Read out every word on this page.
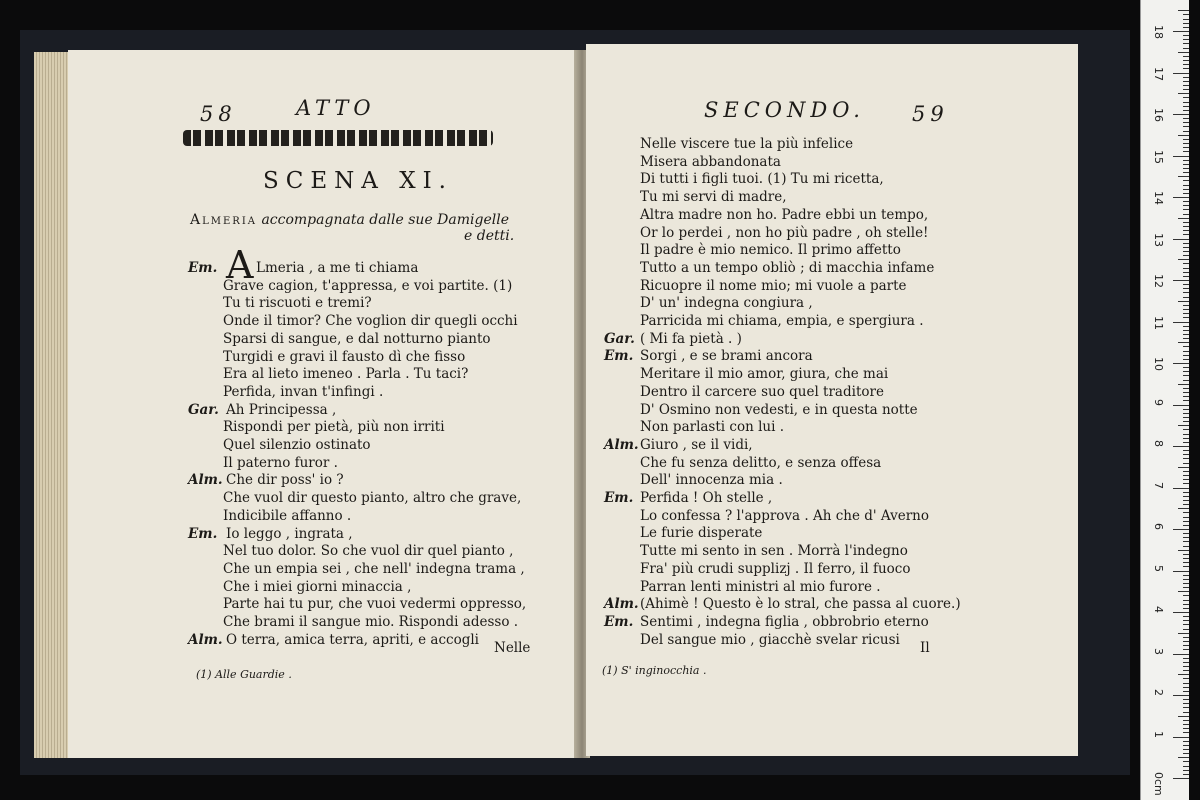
58	ATTO
SCENA XI.
Almeria accompagnata dalle sue Damigelle
e detti.
A
Em.	Lmeria , a me ti chiama
Grave cagion, t'appressa, e voi partite. (1)
Tu ti riscuoti e tremi?
Onde il timor? Che voglion dir quegli occhi
Sparsi di sangue, e dal notturno pianto
Turgidi e gravi il fausto dì che fisso
Era al lieto imeneo . Parla . Tu taci?
Perfida, invan t'infingi .
Gar. Ah Principessa ,
Rispondi per pietà, più non irriti
Quel silenzio ostinato
Il paterno furor .
Alm. Che dir poss' io ?
Che vuol dir questo pianto, altro che grave,
Indicibile affanno .
Em. Io leggo , ingrata ,
Nel tuo dolor. So che vuol dir quel pianto ,
Che un empia sei , che nell' indegna trama ,
Che i miei giorni minaccia ,
Parte hai tu pur, che vuoi vedermi oppresso,
Che brami il sangue mio. Rispondi adesso .
Alm. O terra, amica terra, apriti, e accogli
Nelle
(1) Alle Guardie .
SECONDO. 59
Nelle viscere tue la più infelice
Misera abbandonata
Di tutti i figli tuoi. (1) Tu mi ricetta,
Tu mi servi di madre,
Altra madre non ho. Padre ebbi un tempo,
Or lo perdei , non ho più padre , oh stelle!
Il padre è mio nemico. Il primo affetto
Tutto a un tempo obliò ; di macchia infame
Ricuopre il nome mio; mi vuole a parte
D' un' indegna congiura ,
Parricida mi chiama, empia, e spergiura .
Gar. ( Mi fa pietà . )
Em. Sorgi , e se brami ancora
Meritare il mio amor, giura, che mai
Dentro il carcere suo quel traditore
D' Osmino non vedesti, e in questa notte
Non parlasti con lui .
Alm. Giuro , se il vidi,
Che fu senza delitto, e senza offesa
Dell' innocenza mia .
Em. Perfida ! Oh stelle ,
Lo confessa ? l'approva . Ah che d' Averno
Le furie disperate
Tutte mi sento in sen . Morrà l'indegno
Fra' più crudi supplizj . Il ferro, il fuoco
Parran lenti ministri al mio furore .
Alm. (Ahimè ! Questo è lo stral, che passa al cuore.)
Em. Sentimi , indegna figlia , obbrobrio eterno
Del sangue mio , giacchè svelar ricusi
Il
(1) S' inginocchia .
0cm
1
2
3
4
5
6
7
8
9
10
11
12
13
14
15
16
17
18
